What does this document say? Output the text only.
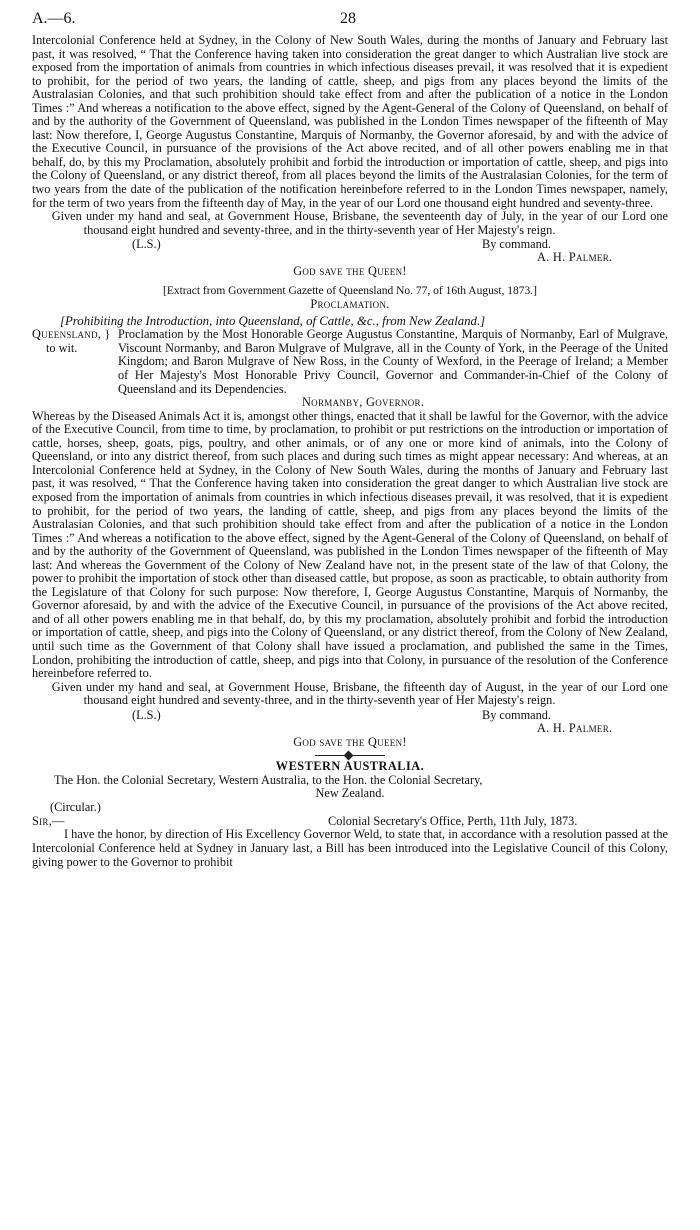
A.—6.	28

Intercolonial Conference held at Sydney, in the Colony of New South Wales, during the months of January and February last past, it was resolved, “ That the Conference having taken into consideration the great danger to which Australian live stock are exposed from the importation of animals from countries in which infectious diseases prevail, it was resolved that it is expedient to prohibit, for the period of two years, the landing of cattle, sheep, and pigs from any places beyond the limits of the Australasian Colonies, and that such prohibition should take effect from and after the publication of a notice in the London Times :” And whereas a notification to the above effect, signed by the Agent-General of the Colony of Queensland, on behalf of and by the authority of the Government of Queensland, was published in the London Times newspaper of the fifteenth of May last: Now therefore, I, George Augustus Constantine, Marquis of Normanby, the Governor aforesaid, by and with the advice of the Executive Council, in pursuance of the provisions of the Act above recited, and of all other powers enabling me in that behalf, do, by this my Proclamation, absolutely prohibit and forbid the introduction or importation of cattle, sheep, and pigs into the Colony of Queensland, or any district thereof, from all places beyond the limits of the Australasian Colonies, for the term of two years from the date of the publication of the notification hereinbefore referred to in the London Times newspaper, namely, for the term of two years from the fifteenth day of May, in the year of our Lord one thousand eight hundred and seventy-three.

Given under my hand and seal, at Government House, Brisbane, the seventeenth day of July, in the year of our Lord one thousand eight hundred and seventy-three, and in the thirty-seventh year of Her Majesty's reign.

(L.S.)	By command.
A. H. Palmer.

God save the Queen!

[Extract from Government Gazette of Queensland No. 77, of 16th August, 1873.]

Proclamation.

[Prohibiting the Introduction, into Queensland, of Cattle, &c., from New Zealand.]

Queensland, }
to wit.
Proclamation by the Most Honorable George Augustus Constantine, Marquis of Normanby, Earl of Mulgrave, Viscount Normanby, and Baron Mulgrave of Mulgrave, all in the County of York, in the Peerage of the United Kingdom; and Baron Mulgrave of New Ross, in the County of Wexford, in the Peerage of Ireland; a Member of Her Majesty's Most Honorable Privy Council, Governor and Commander-in-Chief of the Colony of Queensland and its Dependencies.

Normanby, Governor.

Whereas by the Diseased Animals Act it is, amongst other things, enacted that it shall be lawful for the Governor, with the advice of the Executive Council, from time to time, by proclamation, to prohibit or put restrictions on the introduction or importation of cattle, horses, sheep, goats, pigs, poultry, and other animals, or of any one or more kind of animals, into the Colony of Queensland, or into any district thereof, from such places and during such times as might appear necessary: And whereas, at an Intercolonial Conference held at Sydney, in the Colony of New South Wales, during the months of January and February last past, it was resolved, “ That the Conference having taken into consideration the great danger to which Australian live stock are exposed from the importation of animals from countries in which infectious diseases prevail, it was resolved, that it is expedient to prohibit, for the period of two years, the landing of cattle, sheep, and pigs from any places beyond the limits of the Australasian Colonies, and that such prohibition should take effect from and after the publication of a notice in the London Times :” And whereas a notification to the above effect, signed by the Agent-General of the Colony of Queensland, on behalf of and by the authority of the Government of Queensland, was published in the London Times newspaper of the fifteenth of May last: And whereas the Government of the Colony of New Zealand have not, in the present state of the law of that Colony, the power to prohibit the importation of stock other than diseased cattle, but propose, as soon as practicable, to obtain authority from the Legislature of that Colony for such purpose: Now therefore, I, George Augustus Constantine, Marquis of Normanby, the Governor aforesaid, by and with the advice of the Executive Council, in pursuance of the provisions of the Act above recited, and of all other powers enabling me in that behalf, do, by this my proclamation, absolutely prohibit and forbid the introduction or importation of cattle, sheep, and pigs into the Colony of Queensland, or any district thereof, from the Colony of New Zealand, until such time as the Government of that Colony shall have issued a proclamation, and published the same in the Times, London, prohibiting the introduction of cattle, sheep, and pigs into that Colony, in pursuance of the resolution of the Conference hereinbefore referred to.

Given under my hand and seal, at Government House, Brisbane, the fifteenth day of August, in the year of our Lord one thousand eight hundred and seventy-three, and in the thirty-seventh year of Her Majesty's reign.

(L.S.)	By command.
A. H. Palmer.

God save the Queen!

WESTERN AUSTRALIA.

The Hon. the Colonial Secretary, Western Australia, to the Hon. the Colonial Secretary,

New Zealand.

(Circular.)

Sir,—	Colonial Secretary's Office, Perth, 11th July, 1873.

I have the honor, by direction of His Excellency Governor Weld, to state that, in accordance with a resolution passed at the Intercolonial Conference held at Sydney in January last, a Bill has been introduced into the Legislative Council of this Colony, giving power to the Governor to prohibit
